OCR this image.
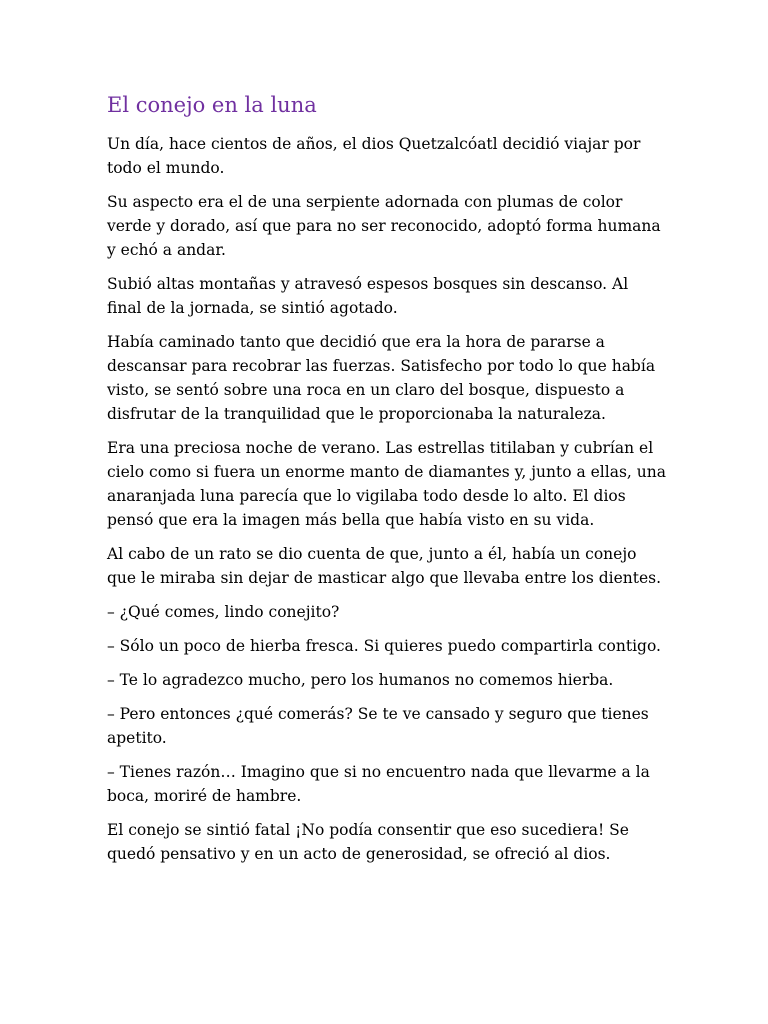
El conejo en la luna

Un día, hace cientos de años, el dios Quetzalcóatl decidió viajar por todo el mundo.

Su aspecto era el de una serpiente adornada con plumas de color verde y dorado, así que para no ser reconocido, adoptó forma humana y echó a andar.

Subió altas montañas y atravesó espesos bosques sin descanso. Al final de la jornada, se sintió agotado.

Había caminado tanto que decidió que era la hora de pararse a descansar para recobrar las fuerzas. Satisfecho por todo lo que había visto, se sentó sobre una roca en un claro del bosque, dispuesto a disfrutar de la tranquilidad que le proporcionaba la naturaleza.

Era una preciosa noche de verano. Las estrellas titilaban y cubrían el cielo como si fuera un enorme manto de diamantes y, junto a ellas, una anaranjada luna parecía que lo vigilaba todo desde lo alto. El dios pensó que era la imagen más bella que había visto en su vida.

Al cabo de un rato se dio cuenta de que, junto a él, había un conejo que le miraba sin dejar de masticar algo que llevaba entre los dientes.

– ¿Qué comes, lindo conejito?

– Sólo un poco de hierba fresca. Si quieres puedo compartirla contigo.

– Te lo agradezco mucho, pero los humanos no comemos hierba.

– Pero entonces ¿qué comerás? Se te ve cansado y seguro que tienes apetito.

– Tienes razón… Imagino que si no encuentro nada que llevarme a la boca, moriré de hambre.

El conejo se sintió fatal ¡No podía consentir que eso sucediera! Se quedó pensativo y en un acto de generosidad, se ofreció al dios.
